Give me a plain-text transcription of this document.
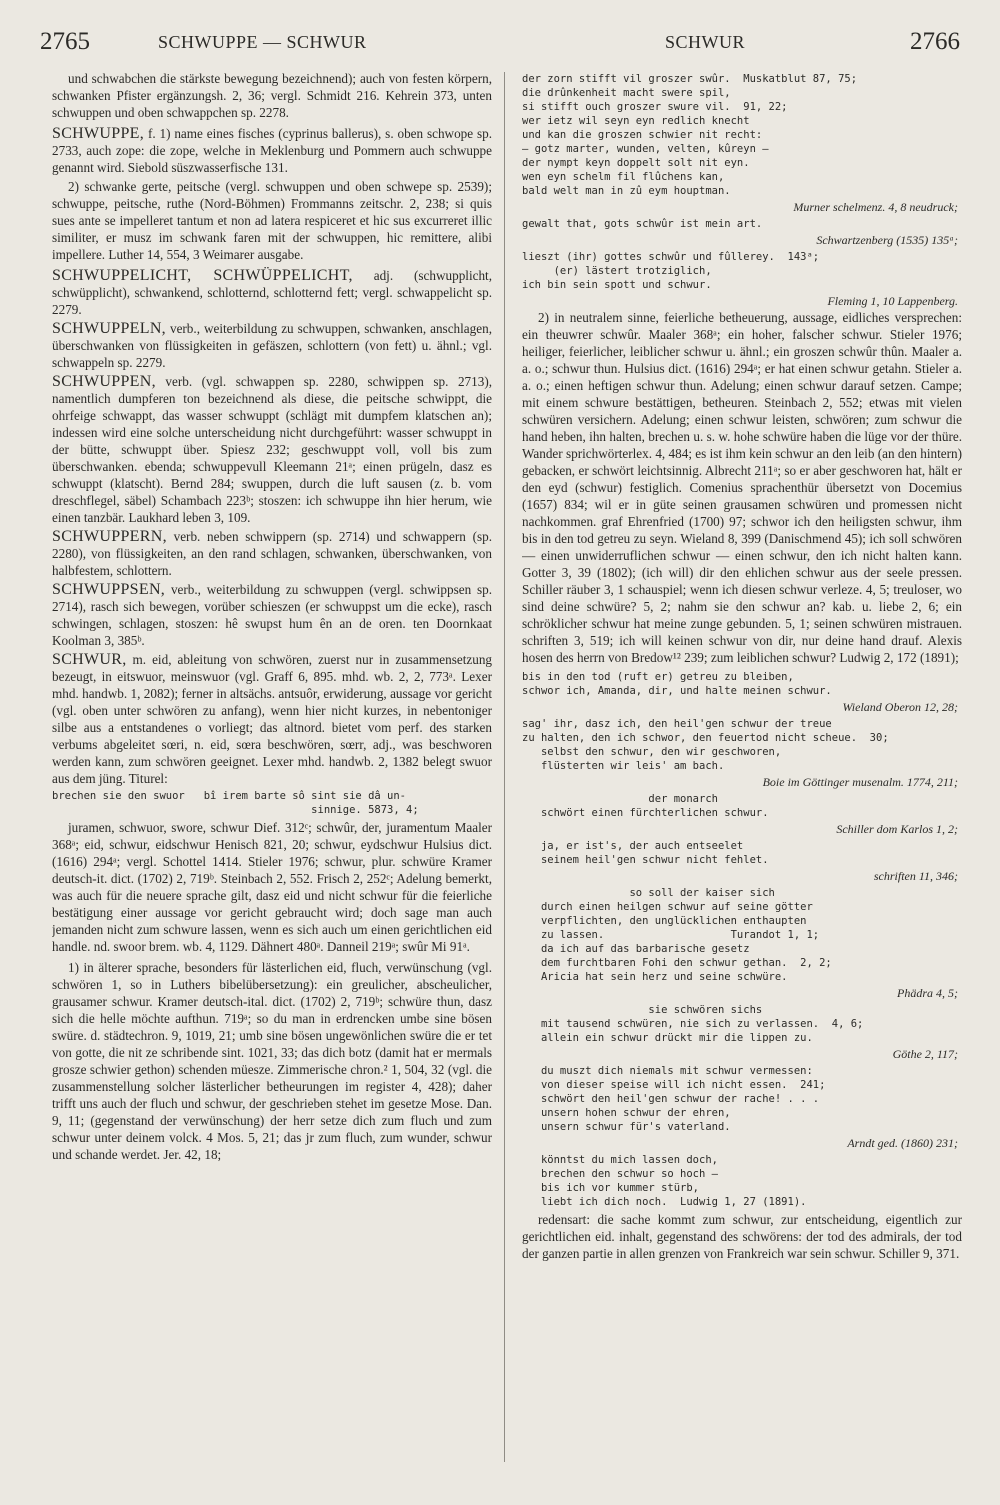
2765	SCHWUPPE — SCHWUR	SCHWUR	2766

und schwabchen die stärkste bewegung bezeichnend); auch von festen körpern, schwanken Pfister ergänzungsh. 2, 36; vergl. Schmidt 216. Kehrein 373, unten schwuppen und oben schwappchen sp. 2278.

SCHWUPPE, f. 1) name eines fisches (cyprinus ballerus), s. oben schwope sp. 2733, auch zope: die zope, welche in Meklenburg und Pommern auch schwuppe genannt wird. Siebold süszwasserfische 131.

2) schwanke gerte, peitsche (vergl. schwuppen und oben schwepe sp. 2539); schwuppe, peitsche, ruthe (Nord-Böhmen) Frommanns zeitschr. 2, 238; si quis sues ante se impelleret tantum et non ad latera respiceret et hic sus excurreret illic similiter, er musz im schwank faren mit der schwuppen, hic remittere, alibi impellere. Luther 14, 554, 3 Weimarer ausgabe.

SCHWUPPELICHT, SCHWÜPPELICHT, adj. (schwupplicht, schwüpplicht), schwankend, schlotternd, schlotternd fett; vergl. schwappelicht sp. 2279.

SCHWUPPELN, verb., weiterbildung zu schwuppen, schwanken, anschlagen, überschwanken von flüssigkeiten in gefäszen, schlottern (von fett) u. ähnl.; vgl. schwappeln sp. 2279.

SCHWUPPEN, verb. (vgl. schwappen sp. 2280, schwippen sp. 2713), namentlich dumpferen ton bezeichnend als diese, die peitsche schwippt, die ohrfeige schwappt, das wasser schwuppt (schlägt mit dumpfem klatschen an); indessen wird eine solche unterscheidung nicht durchgeführt: wasser schwuppt in der bütte, schwuppt über. Spiesz 232; geschwuppt voll, voll bis zum überschwanken. ebenda; schwuppevull Kleemann 21ᵃ; einen prügeln, dasz es schwuppt (klatscht). Bernd 284; swuppen, durch die luft sausen (z. b. vom dreschflegel, säbel) Schambach 223ᵇ; stoszen: ich schwuppe ihn hier herum, wie einen tanzbär. Laukhard leben 3, 109.

SCHWUPPERN, verb. neben schwippern (sp. 2714) und schwappern (sp. 2280), von flüssigkeiten, an den rand schlagen, schwanken, überschwanken, von halbfestem, schlottern.

SCHWUPPSEN, verb., weiterbildung zu schwuppen (vergl. schwippsen sp. 2714), rasch sich bewegen, vorüber schieszen (er schwuppst um die ecke), rasch schwingen, schlagen, stoszen: hê swupst hum ên an de oren. ten Doornkaat Koolman 3, 385ᵇ.

SCHWUR, m. eid, ableitung von schwören, zuerst nur in zusammensetzung bezeugt, in eitswuor, meinswuor (vgl. Graff 6, 895. mhd. wb. 2, 2, 773ᵃ. Lexer mhd. handwb. 1, 2082); ferner in altsächs. antsuôr, erwiderung, aussage vor gericht (vgl. oben unter schwören zu anfang), wenn hier nicht kurzes, in nebentoniger silbe aus a entstandenes o vorliegt; das altnord. bietet vom perf. des starken verbums abgeleitet sœri, n. eid, sœra beschwören, sœrr, adj., was beschworen werden kann, zum schwören geeignet. Lexer mhd. handwb. 2, 1382 belegt swuor aus dem jüng. Titurel:

brechen sie den swuor   bî irem barte sô sint sie dâ un-
sinnige. 5873, 4;

juramen, schwuor, swore, schwur Dief. 312ᶜ; schwûr, der, juramentum Maaler 368ᵃ; eid, schwur, eidschwur Henisch 821, 20; schwur, eydschwur Hulsius dict. (1616) 294ᵃ; vergl. Schottel 1414. Stieler 1976; schwur, plur. schwüre Kramer deutsch-it. dict. (1702) 2, 719ᵇ. Steinbach 2, 552. Frisch 2, 252ᶜ; Adelung bemerkt, was auch für die neuere sprache gilt, dasz eid und nicht schwur für die feierliche bestätigung einer aussage vor gericht gebraucht wird; doch sage man auch jemanden nicht zum schwure lassen, wenn es sich auch um einen gerichtlichen eid handle. nd. swoor brem. wb. 4, 1129. Dähnert 480ᵃ. Danneil 219ᵃ; swûr Mi 91ᵃ.

1) in älterer sprache, besonders für lästerlichen eid, fluch, verwünschung (vgl. schwören 1, so in Luthers bibelübersetzung): ein greulicher, abscheulicher, grausamer schwur. Kramer deutsch-ital. dict. (1702) 2, 719ᵇ; schwüre thun, dasz sich die helle möchte aufthun. 719ᵃ; so du man in erdrencken umbe sine bösen swüre. d. städtechron. 9, 1019, 21; umb sine bösen ungewönlichen swüre die er tet von gotte, die nit ze schribende sint. 1021, 33; das dich botz (damit hat er mermals grosze schwier gethon) schenden müesze. Zimmerische chron.² 1, 504, 32 (vgl. die zusammenstellung solcher lästerlicher betheurungen im register 4, 428); daher trifft uns auch der fluch und schwur, der geschrieben stehet im gesetze Mose. Dan. 9, 11; (gegenstand der verwünschung) der herr setze dich zum fluch und zum schwur unter deinem volck. 4 Mos. 5, 21; das jr zum fluch, zum wunder, schwur und schande werdet. Jer. 42, 18;

der zorn stifft vil groszer swûr.  Muskatblut 87, 75;
die drûnkenheit macht swere spil,
si stifft ouch groszer swure vil.  91, 22;
wer ietz wil seyn eyn redlich knecht
und kan die groszen schwier nit recht:
— gotz marter, wunden, velten, kûreyn —
der nympt keyn doppelt solt nit eyn.
wen eyn schelm fil flûchens kan,
bald welt man in zû eym houptman.
Murner schelmenz. 4, 8 neudruck;
gewalt that, gots schwûr ist mein art.
Schwartzenberg (1535) 135ᵃ;
lieszt (ihr) gottes schwûr und fûllerey.  143ᵃ;
(er) lästert trotziglich,
ich bin sein spott und schwur.
Fleming 1, 10 Lappenberg.

2) in neutralem sinne, feierliche betheuerung, aussage, eidliches versprechen: ein theuwrer schwûr. Maaler 368ᵃ; ein hoher, falscher schwur. Stieler 1976; heiliger, feierlicher, leiblicher schwur u. ähnl.; ein groszen schwûr thûn. Maaler a. a. o.; schwur thun. Hulsius dict. (1616) 294ᵃ; er hat einen schwur getahn. Stieler a. a. o.; einen heftigen schwur thun. Adelung; einen schwur darauf setzen. Campe; mit einem schwure bestättigen, betheuren. Steinbach 2, 552; etwas mit vielen schwüren versichern. Adelung; einen schwur leisten, schwören; zum schwur die hand heben, ihn halten, brechen u. s. w. hohe schwüre haben die lüge vor der thüre. Wander sprichwörterlex. 4, 484; es ist ihm kein schwur an den leib (an den hintern) gebacken, er schwört leichtsinnig. Albrecht 211ᵃ; so er aber geschworen hat, hält er den eyd (schwur) festiglich. Comenius sprachenthür übersetzt von Docemius (1657) 834; wil er in güte seinen grausamen schwüren und promessen nicht nachkommen. graf Ehrenfried (1700) 97; schwor ich den heiligsten schwur, ihm bis in den tod getreu zu seyn. Wieland 8, 399 (Danischmend 45); ich soll schwören — einen unwiderruflichen schwur — einen schwur, den ich nicht halten kann. Gotter 3, 39 (1802); (ich will) dir den ehlichen schwur aus der seele pressen. Schiller räuber 3, 1 schauspiel; wenn ich diesen schwur verleze. 4, 5; treuloser, wo sind deine schwüre? 5, 2; nahm sie den schwur an? kab. u. liebe 2, 6; ein schröklicher schwur hat meine zunge gebunden. 5, 1; seinen schwüren mistrauen. schriften 3, 519; ich will keinen schwur von dir, nur deine hand drauf. Alexis hosen des herrn von Bredow¹² 239; zum leiblichen schwur? Ludwig 2, 172 (1891);

bis in den tod (ruft er) getreu zu bleiben,
schwor ich, Amanda, dir, und halte meinen schwur.
Wieland Oberon 12, 28;
sag' ihr, dasz ich, den heil'gen schwur der treue
zu halten, den ich schwor, den feuertod nicht scheue.  30;
selbst den schwur, den wir geschworen,
flüsterten wir leis' am bach.
Boie im Göttinger musenalm. 1774, 211;
der monarch
schwört einen fürchterlichen schwur.
Schiller dom Karlos 1, 2;
ja, er ist's, der auch entseelet
seinem heil'gen schwur nicht fehlet.
schriften 11, 346;
so soll der kaiser sich
durch einen heilgen schwur auf seine götter
verpflichten, den unglücklichen enthaupten
zu lassen.                    Turandot 1, 1;
da ich auf das barbarische gesetz
dem furchtbaren Fohi den schwur gethan.  2, 2;
Aricia hat sein herz und seine schwüre.
Phädra 4, 5;
sie schwören sichs
mit tausend schwüren, nie sich zu verlassen.  4, 6;
allein ein schwur drückt mir die lippen zu.
Göthe 2, 117;
du muszt dich niemals mit schwur vermessen:
von dieser speise will ich nicht essen.  241;
schwört den heil'gen schwur der rache! . . .
unsern hohen schwur der ehren,
unsern schwur für's vaterland.
Arndt ged. (1860) 231;
könntst du mich lassen doch,
brechen den schwur so hoch —
bis ich vor kummer stürb,
liebt ich dich noch.  Ludwig 1, 27 (1891).

redensart: die sache kommt zum schwur, zur entscheidung, eigentlich zur gerichtlichen eid. inhalt, gegenstand des schwörens: der tod des admirals, der tod der ganzen partie in allen grenzen von Frankreich war sein schwur. Schiller 9, 371.
